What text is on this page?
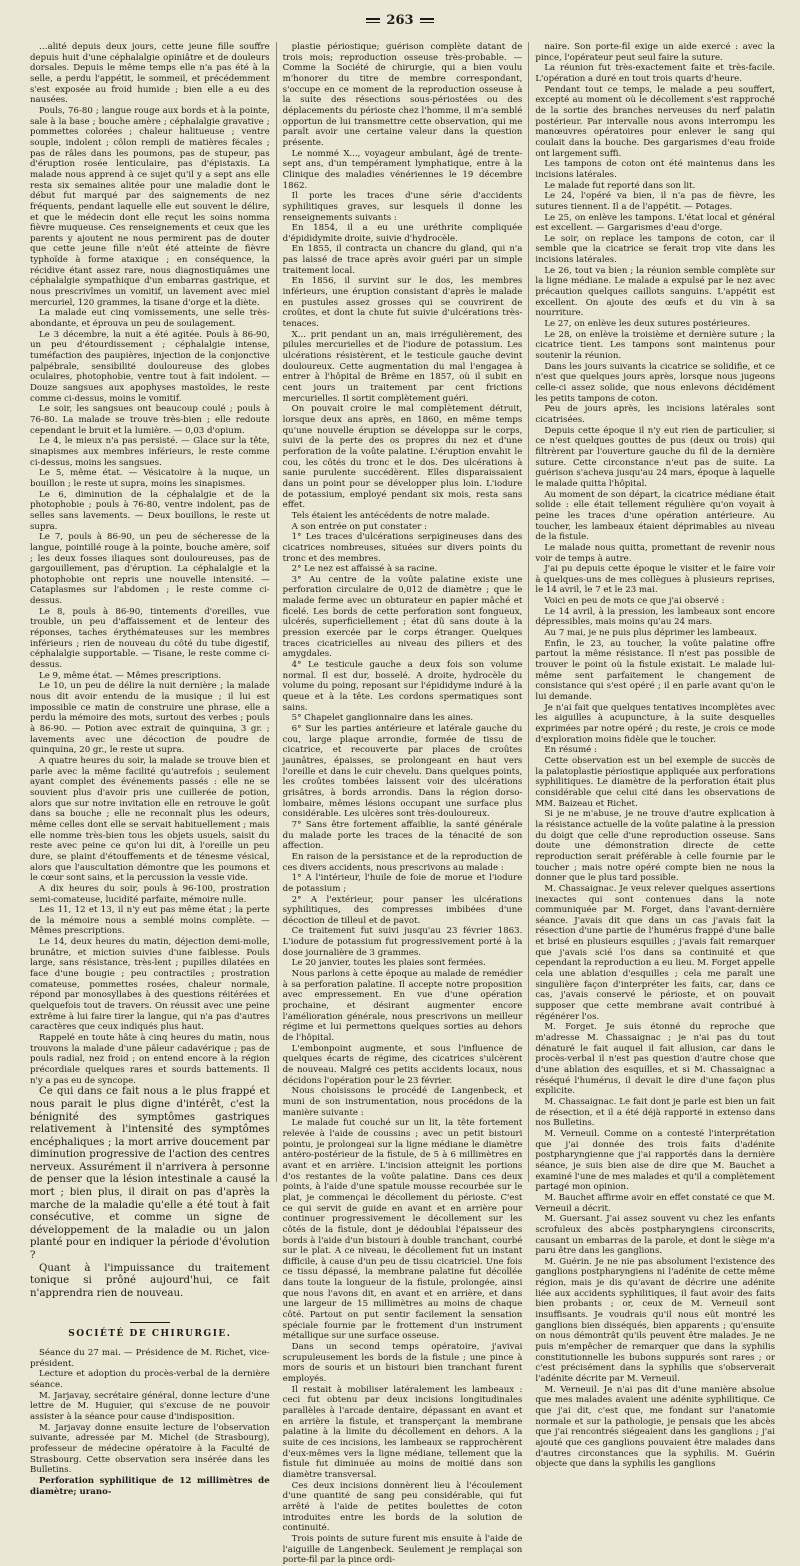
263

…alité depuis deux jours, cette jeune fille souffre depuis huit d'une céphalalgie opiniâtre et de douleurs dorsales. Depuis le même temps elle n'a pas été à la selle, a perdu l'appétit, le sommeil, et précédemment s'est exposée au froid humide ; bien elle a eu des nausées.

Pouls, 76-80 ; langue rouge aux bords et à la pointe, sale à la base ; bouche amère ; céphalalgie gravative ; pommettes colorées ; chaleur halitueuse ; ventre souple, indolent ; côlon rempli de matières fécales ; pas de râles dans les poumons, pas de stupeur, pas d'éruption rosée lenticulaire, pas d'épistaxis. La malade nous apprend à ce sujet qu'il y a sept ans elle resta six semaines alitée pour une maladie dont le début fut marqué par des saignements de nez fréquents, pendant laquelle elle eut souvent le délire, et que le médecin dont elle reçut les soins nomma fièvre muqueuse. Ces renseignements et ceux que les parents y ajoutent ne nous permirent pas de douter que cette jeune fille n'eût été atteinte de fièvre typhoïde à forme ataxique ; en conséquence, la récidive étant assez rare, nous diagnostiquâmes une céphalalgie sympathique d'un embarras gastrique, et nous prescrivîmes un vomitif, un lavement avec miel mercuriel, 120 grammes, la tisane d'orge et la diète.

La malade eut cinq vomissements, une selle très-abondante, et éprouva un peu de soulagement.

Le 3 décembre, la nuit a été agitée. Pouls à 86-90, un peu d'étourdissement ; céphalalgie intense, tuméfaction des paupières, injection de la conjonctive palpébrale, sensibilité douloureuse des globes oculaires, photophobie, ventre tout à fait indolent. — Douze sangsues aux apophyses mastoïdes, le reste comme ci-dessus, moins le vomitif.

Le soir, les sangsues ont beaucoup coulé ; pouls à 76-80. La malade se trouve très-bien ; elle redoute cependant le bruit et la lumière. — 0,03 d'opium.

Le 4, le mieux n'a pas persisté. — Glace sur la tête, sinapismes aux membres inférieurs, le reste comme ci-dessus, moins les sangsues.

Le 5, même état. — Vésicatoire à la nuque, un bouillon ; le reste ut supra, moins les sinapismes.

Le 6, diminution de la céphalalgie et de la photophobie ; pouls à 76-80, ventre indolent, pas de selles sans lavements. — Deux bouillons, le reste ut supra.

Le 7, pouls à 86-90, un peu de sécheresse de la langue, pointillé rouge à la pointe, bouche amère, soif ; les deux fosses iliaques sont douloureuses, pas de gargouillement, pas d'éruption. La céphalalgie et la photophobie ont repris une nouvelle intensité. — Cataplasmes sur l'abdomen ; le reste comme ci-dessus.

Le 8, pouls à 86-90, tintements d'oreilles, vue trouble, un peu d'affaissement et de lenteur des réponses, taches érythémateuses sur les membres inférieurs ; rien de nouveau du côté du tube digestif, céphalalgie supportable. — Tisane, le reste comme ci-dessus.

Le 9, même état. — Mêmes prescriptions.

Le 10, un peu de délire la nuit dernière ; la malade nous dit avoir entendu de la musique ; il lui est impossible ce matin de construire une phrase, elle a perdu la mémoire des mots, surtout des verbes ; pouls à 86-90. — Potion avec extrait de quinquina, 3 gr. ; lavements avec une décoction de poudre de quinquina, 20 gr., le reste ut supra.

A quatre heures du soir, la malade se trouve bien et parle avec la même facilité qu'autrefois ; seulement ayant complet des événements passés : elle ne se souvient plus d'avoir pris une cuillerée de potion, alors que sur notre invitation elle en retrouve le goût dans sa bouche ; elle ne reconnaît plus les odeurs, même celles dont elle se servait habituellement ; mais elle nomme très-bien tous les objets usuels, saisit du reste avec peine ce qu'on lui dit, à l'oreille un peu dure, se plaint d'étouffements et de ténesme vésical, alors que l'auscultation démontre que les poumons et le cœur sont sains, et la percussion la vessie vide.

A dix heures du soir, pouls à 96-100, prostration semi-comateuse, lucidité parfaite, mémoire nulle.

Les 11, 12 et 13, il n'y eut pas même état ; la perte de la mémoire nous a semblé moins complète. — Mêmes prescriptions.

Le 14, deux heures du matin, déjection demi-molle, brunâtre, et miction suivies d'une faiblesse. Pouls large, sans résistance, très-lent ; pupilles dilatées en face d'une bougie ; peu contractiles ; prostration comateuse, pommettes rosées, chaleur normale, répond par monosyllabes à des questions réitérées et quelquefois tout de travers. On réussit avec une peine extrême à lui faire tirer la langue, qui n'a pas d'autres caractères que ceux indiqués plus haut.

Rappelé en toute hâte à cinq heures du matin, nous trouvons la malade d'une pâleur cadavérique ; pas de pouls radial, nez froid ; on entend encore à la région précordiale quelques rares et sourds battements. Il n'y a pas eu de syncope.

Ce qui dans ce fait nous a le plus frappé et nous parait le plus digne d'intérêt, c'est la bénignité des symptômes gastriques relativement à l'intensité des symptômes encéphaliques ; la mort arrive doucement par diminution progressive de l'action des centres nerveux. Assurément il n'arrivera à personne de penser que la lésion intestinale a causé la mort ; bien plus, il dirait on pas d'après la marche de la maladie qu'elle a été tout à fait consécutive, et comme un signe de développement de la maladie ou un jalon planté pour en indiquer la période d'évolution ?

Quant à l'impuissance du traitement tonique si prôné aujourd'hui, ce fait n'apprendra rien de nouveau.

SOCIÉTÉ DE CHIRURGIE.

Séance du 27 mai. — Présidence de M. Richet, vice-président.

Lecture et adoption du procès-verbal de la dernière séance.

M. Jarjavay, secrétaire général, donne lecture d'une lettre de M. Huguier, qui s'excuse de ne pouvoir assister à la séance pour cause d'indisposition.

M. Jarjavay donne ensuite lecture de l'observation suivante, adressée par M. Michel (de Strasbourg), professeur de médecine opératoire à la Faculté de Strasbourg. Cette observation sera insérée dans les Bulletins.

Perforation syphilitique de 12 millimètres de diamètre; urano-

plastie périostique; guérison complète datant de trois mois; reproduction osseuse très-probable. — Comme la Société de chirurgie, qui a bien voulu m'honorer du titre de membre correspondant, s'occupe en ce moment de la reproduction osseuse à la suite des résections sous-périostées ou des déplacements du périoste chez l'homme, il m'a semblé opportun de lui transmettre cette observation, qui me paraît avoir une certaine valeur dans la question présente.

Le nommé X..., voyageur ambulant, âgé de trente-sept ans, d'un tempérament lymphatique, entre à la Clinique des maladies vénériennes le 19 décembre 1862.

Il porte les traces d'une série d'accidents syphilitiques graves, sur lesquels il donne les renseignements suivants :

En 1854, il a eu une uréthrite compliquée d'épididymite droite, suivie d'hydrocèle.

En 1855, il contracta un chancre du gland, qui n'a pas laissé de trace après avoir guéri par un simple traitement local.

En 1856, il survint sur le dos, les membres inférieurs, une éruption consistant d'après le malade en pustules assez grosses qui se couvrirent de croûtes, et dont la chute fut suivie d'ulcérations très-tenaces.

X... prit pendant un an, mais irrégulièrement, des pilules mercurielles et de l'iodure de potassium. Les ulcérations résistèrent, et le testicule gauche devint douloureux. Cette augmentation du mal l'engagea à entrer à l'hôpital de Brême en 1857, où il subit en cent jours un traitement par cent frictions mercurielles. Il sortit complètement guéri.

On pouvait croire le mal complètement détruit, lorsque deux ans après, en 1860, en même temps qu'une nouvelle éruption se développa sur le corps, suivi de la perte des os propres du nez et d'une perforation de la voûte palatine. L'éruption envahit le cou, les côtés du tronc et le dos. Des ulcérations à sanie purulente succédèrent. Elles disparaissaient dans un point pour se développer plus loin. L'iodure de potassium, employé pendant six mois, resta sans effet.

Tels étaient les antécédents de notre malade.

A son entrée on put constater :

1° Les traces d'ulcérations serpigineuses dans des cicatrices nombreuses, situées sur divers points du tronc et des membres.

2° Le nez est affaissé à sa racine.

3° Au centre de la voûte palatine existe une perforation circulaire de 0,012 de diamètre ; que le malade ferme avec un obturateur en papier mâché et ficelé. Les bords de cette perforation sont fongueux, ulcérés, superficiellement ; état dû sans doute à la pression exercée par le corps étranger. Quelques traces cicatricielles au niveau des piliers et des amygdales.

4° Le testicule gauche a deux fois son volume normal. Il est dur, bosselé. A droite, hydrocèle du volume du poing, reposant sur l'épididyme induré à la queue et à la tête. Les cordons spermatiques sont sains.

5° Chapelet ganglionnaire dans les aines.

6° Sur les parties antérieure et latérale gauche du cou, large plaque arrondie, formée de tissu de cicatrice, et recouverte par places de croûtes jaunâtres, épaisses, se prolongeant en haut vers l'oreille et dans le cuir chevelu. Dans quelques points, les croûtes tombées laissent voir des ulcérations grisâtres, à bords arrondis. Dans la région dorso-lombaire, mêmes lésions occupant une surface plus considérable. Les ulcères sont très-douloureux.

7° Sans être fortement affaiblie, la santé générale du malade porte les traces de la ténacité de son affection.

En raison de la persistance et de la reproduction de ces divers accidents, nous prescrivons au malade :

1° A l'intérieur, l'huile de foie de morue et l'iodure de potassium ;

2° A l'extérieur, pour panser les ulcérations syphilitiques, des compresses imbibées d'une décoction de tilleul et de pavot.

Ce traitement fut suivi jusqu'au 23 février 1863. L'iodure de potassium fut progressivement porté à la dose journalière de 3 grammes.

Le 20 janvier, toutes les plaies sont fermées.

Nous parlons à cette époque au malade de remédier à sa perforation palatine. Il accepte notre proposition avec empressement. En vue d'une opération prochaine, et désirant augmenter encore l'amélioration générale, nous prescrivons un meilleur régime et lui permettons quelques sorties au dehors de l'hôpital.

L'embonpoint augmente, et sous l'influence de quelques écarts de régime, des cicatrices s'ulcèrent de nouveau. Malgré ces petits accidents locaux, nous décidons l'opération pour le 23 février.

Nous choisissons le procédé de Langenbeck, et muni de son instrumentation, nous procédons de la manière suivante :

Le malade fut couché sur un lit, la tête fortement relevée à l'aide de coussins ; avec un petit bistouri pointu, je prolongeai sur la ligne médiane le diamètre antéro-postérieur de la fistule, de 5 à 6 millimètres en avant et en arrière. L'incision atteignit les portions d'os restantes de la voûte palatine. Dans ces deux points, à l'aide d'une spatule mousse recourbée sur le plat, je commençai le décollement du périoste. C'est ce qui servit de guide en avant et en arrière pour continuer progressivement le décollement sur les côtés de la fistule, dont je dédoublai l'épaisseur des bords à l'aide d'un bistouri à double tranchant, courbé sur le plat. A ce niveau, le décollement fut un instant difficile, à cause d'un peu de tissu cicatriciel. Une fois ce tissu dépassé, la membrane palatine fut décollée dans toute la longueur de la fistule, prolongée, ainsi que nous l'avons dit, en avant et en arrière, et dans une largeur de 15 millimètres au moins de chaque côté. Partout on put sentir facilement la sensation spéciale fournie par le frottement d'un instrument métallique sur une surface osseuse.

Dans un second temps opératoire, j'avivai scrupuleusement les bords de la fistule ; une pince à mors de souris et un bistouri bien tranchant furent employés.

Il restait à mobiliser latéralement les lambeaux : ceci fut obtenu par deux incisions longitudinales parallèles à l'arcade dentaire, dépassant en avant et en arrière la fistule, et transperçant la membrane palatine à la limite du décollement en dehors. A la suite de ces incisions, les lambeaux se rapprochèrent d'eux-mêmes vers la ligne médiane, tellement que la fistule fut diminuée au moins de moitié dans son diamètre transversal.

Ces deux incisions donnèrent lieu à l'écoulement d'une quantité de sang peu considérable, qui fut arrêté à l'aide de petites boulettes de coton introduites entre les bords de la solution de continuité.

Trois points de suture furent mis ensuite à l'aide de l'aiguille de Langenbeck. Seulement je remplaçai son porte-fil par la pince ordi-

naire. Son porte-fil exige un aide exercé : avec la pince, l'opérateur peut seul faire la suture.

La réunion fut très-exactement faite et très-facile. L'opération a duré en tout trois quarts d'heure.

Pendant tout ce temps, le malade a peu souffert, excepté au moment où le décollement s'est rapproché de la sortie des branches nerveuses du nerf palatin postérieur. Par intervalle nous avons interrompu les manœuvres opératoires pour enlever le sang qui coulait dans la bouche. Des gargarismes d'eau froide ont largement suffi.

Les tampons de coton ont été maintenus dans les incisions latérales.

Le malade fut reporté dans son lit.

Le 24, l'opéré va bien, il n'a pas de fièvre, les sutures tiennent. Il a de l'appétit. — Potages.

Le 25, on enlève les tampons. L'état local et général est excellent. — Gargarismes d'eau d'orge.

Le soir, on replace les tampons de coton, car il semble que la cicatrice se ferait trop vite dans les incisions latérales.

Le 26, tout va bien ; la réunion semble complète sur la ligne médiane. Le malade a expulsé par le nez avec précaution quelques caillots sanguins. L'appétit est excellent. On ajoute des œufs et du vin à sa nourriture.

Le 27, on enlève les deux sutures postérieures.

Le 28, on enlève la troisième et dernière suture ; la cicatrice tient. Les tampons sont maintenus pour soutenir la réunion.

Dans les jours suivants la cicatrice se solidifie, et ce n'est que quelques jours après, lorsque nous jugeons celle-ci assez solide, que nous enlevons décidément les petits tampons de coton.

Peu de jours après, les incisions latérales sont cicatrisées.

Depuis cette époque il n'y eut rien de particulier, si ce n'est quelques gouttes de pus (deux ou trois) qui filtrèrent par l'ouverture gauche du fil de la dernière suture. Cette circonstance n'eut pas de suite. La guérison s'acheva jusqu'au 24 mars, époque à laquelle le malade quitta l'hôpital.

Au moment de son départ, la cicatrice médiane était solide : elle était tellement régulière qu'on voyait à peine les traces d'une opération antérieure. Au toucher, les lambeaux étaient déprimables au niveau de la fistule.

Le malade nous quitta, promettant de revenir nous voir de temps à autre.

J'ai pu depuis cette époque le visiter et le faire voir à quelques-uns de mes collègues à plusieurs reprises, le 14 avril, le 7 et le 23 mai.

Voici en peu de mots ce que j'ai observé :

Le 14 avril, à la pression, les lambeaux sont encore dépressibles, mais moins qu'au 24 mars.

Au 7 mai, je ne puis plus déprimer les lambeaux.

Enfin, le 23, au toucher, la voûte palatine offre partout la même résistance. Il n'est pas possible de trouver le point où la fistule existait. Le malade lui-même sent parfaitement le changement de consistance qui s'est opéré ; il en parle avant qu'on le lui demande.

Je n'ai fait que quelques tentatives incomplètes avec les aiguilles à acupuncture, à la suite desquelles exprimées par notre opéré ; du reste, je crois ce mode d'exploration moins fidèle que le toucher.

En résumé :

Cette observation est un bel exemple de succès de la palatoplastie périostique appliquée aux perforations syphilitiques. Le diamètre de la perforation était plus considérable que celui cité dans les observations de MM. Baizeau et Richet.

Si je ne m'abuse, je ne trouve d'autre explication à la résistance actuelle de la voûte palatine à la pression du doigt que celle d'une reproduction osseuse. Sans doute une démonstration directe de cette reproduction serait préférable à celle fournie par le toucher ; mais notre opéré compte bien ne nous la donner que le plus tard possible.

M. Chassaignac. Je veux relever quelques assertions inexactes qui sont contenues dans la note communiquée par M. Forget, dans l'avant-dernière séance. J'avais dit que dans un cas j'avais fait la résection d'une partie de l'humérus frappé d'une balle et brisé en plusieurs esquilles ; j'avais fait remarquer que j'avais scié l'os dans sa continuité et que cependant la reproduction a eu lieu. M. Forget appelle cela une ablation d'esquilles ; cela me paraît une singulière façon d'interpréter les faits, car, dans ce cas, j'avais conservé le périoste, et on pouvait supposer que cette membrane avait contribué à régénérer l'os.

M. Forget. Je suis étonné du reproche que m'adresse M. Chassaignac ; je n'ai pas du tout dénaturé le fait auquel il fait allusion, car dans le procès-verbal il n'est pas question d'autre chose que d'une ablation des esquilles, et si M. Chassaignac a réséqué l'humérus, il devait le dire d'une façon plus explicite.

M. Chassaignac. Le fait dont je parle est bien un fait de résection, et il a été déjà rapporté in extenso dans nos Bulletins.

M. Verneuil. Comme on a contesté l'interprétation que j'ai donnée des trois faits d'adénite postpharyngienne que j'ai rapportés dans la dernière séance, je suis bien aise de dire que M. Bauchet a examiné l'une de mes malades et qu'il a complètement partagé mon opinion.

M. Bauchet affirme avoir en effet constaté ce que M. Verneuil a décrit.

M. Guersant. J'ai assez souvent vu chez les enfants scrofuleux des abcès postpharyngiens circonscrits, causant un embarras de la parole, et dont le siège m'a paru être dans les ganglions.

M. Guérin. Je ne nie pas absolument l'existence des ganglions postpharyngiens ni l'adénite de cette même région, mais je dis qu'avant de décrire une adénite liée aux accidents syphilitiques, il faut avoir des faits bien probants ; or, ceux de M. Verneuil sont insuffisants. Je voudrais qu'il nous eût montré les ganglions bien disséqués, bien apparents ; qu'ensuite on nous démontrât qu'ils peuvent être malades. Je ne puis m'empêcher de remarquer que dans la syphilis constitutionnelle les bubons suppurés sont rares ; or c'est précisément dans la syphilis que s'observerait l'adénite décrite par M. Verneuil.

M. Verneuil. Je n'ai pas dit d'une manière absolue que mes malades avaient une adénite syphilitique. Ce que j'ai dit, c'est que, me fondant sur l'anatomie normale et sur la pathologie, je pensais que les abcès que j'ai rencontrés siégeaient dans les ganglions ; j'ai ajouté que ces ganglions pouvaient être malades dans d'autres circonstances que la syphilis. M. Guérin objecte que dans la syphilis les ganglions
